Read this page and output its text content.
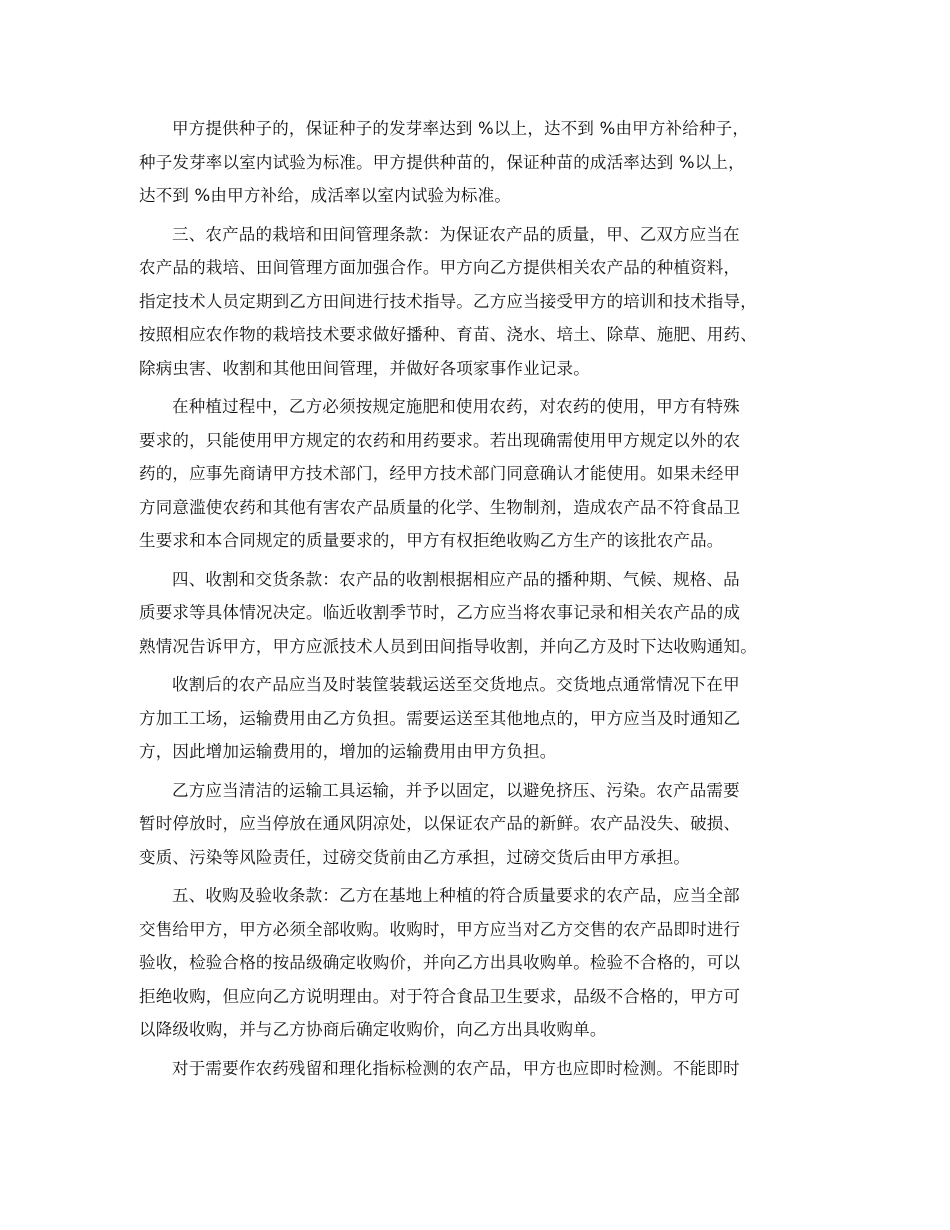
甲方提供种子的，保证种子的发芽率达到 %以上，达不到 %由甲方补给种子，
种子发芽率以室内试验为标准。甲方提供种苗的，保证种苗的成活率达到 %以上，
达不到 %由甲方补给，成活率以室内试验为标准。

三、农产品的栽培和田间管理条款：为保证农产品的质量，甲、乙双方应当在
农产品的栽培、田间管理方面加强合作。甲方向乙方提供相关农产品的种植资料，
指定技术人员定期到乙方田间进行技术指导。乙方应当接受甲方的培训和技术指导，
按照相应农作物的栽培技术要求做好播种、育苗、浇水、培土、除草、施肥、用药、
除病虫害、收割和其他田间管理，并做好各项家事作业记录。

在种植过程中，乙方必须按规定施肥和使用农药，对农药的使用，甲方有特殊
要求的，只能使用甲方规定的农药和用药要求。若出现确需使用甲方规定以外的农
药的，应事先商请甲方技术部门，经甲方技术部门同意确认才能使用。如果未经甲
方同意滥使农药和其他有害农产品质量的化学、生物制剂，造成农产品不符食品卫
生要求和本合同规定的质量要求的，甲方有权拒绝收购乙方生产的该批农产品。

四、收割和交货条款：农产品的收割根据相应产品的播种期、气候、规格、品
质要求等具体情况决定。临近收割季节时，乙方应当将农事记录和相关农产品的成
熟情况告诉甲方，甲方应派技术人员到田间指导收割，并向乙方及时下达收购通知。

收割后的农产品应当及时装筐装载运送至交货地点。交货地点通常情况下在甲
方加工工场，运输费用由乙方负担。需要运送至其他地点的，甲方应当及时通知乙
方，因此增加运输费用的，增加的运输费用由甲方负担。

乙方应当清洁的运输工具运输，并予以固定，以避免挤压、污染。农产品需要
暂时停放时，应当停放在通风阴凉处，以保证农产品的新鲜。农产品没失、破损、
变质、污染等风险责任，过磅交货前由乙方承担，过磅交货后由甲方承担。

五、收购及验收条款：乙方在基地上种植的符合质量要求的农产品，应当全部
交售给甲方，甲方必须全部收购。收购时，甲方应当对乙方交售的农产品即时进行
验收，检验合格的按品级确定收购价，并向乙方出具收购单。检验不合格的，可以
拒绝收购，但应向乙方说明理由。对于符合食品卫生要求，品级不合格的，甲方可
以降级收购，并与乙方协商后确定收购价，向乙方出具收购单。

对于需要作农药残留和理化指标检测的农产品，甲方也应即时检测。不能即时
